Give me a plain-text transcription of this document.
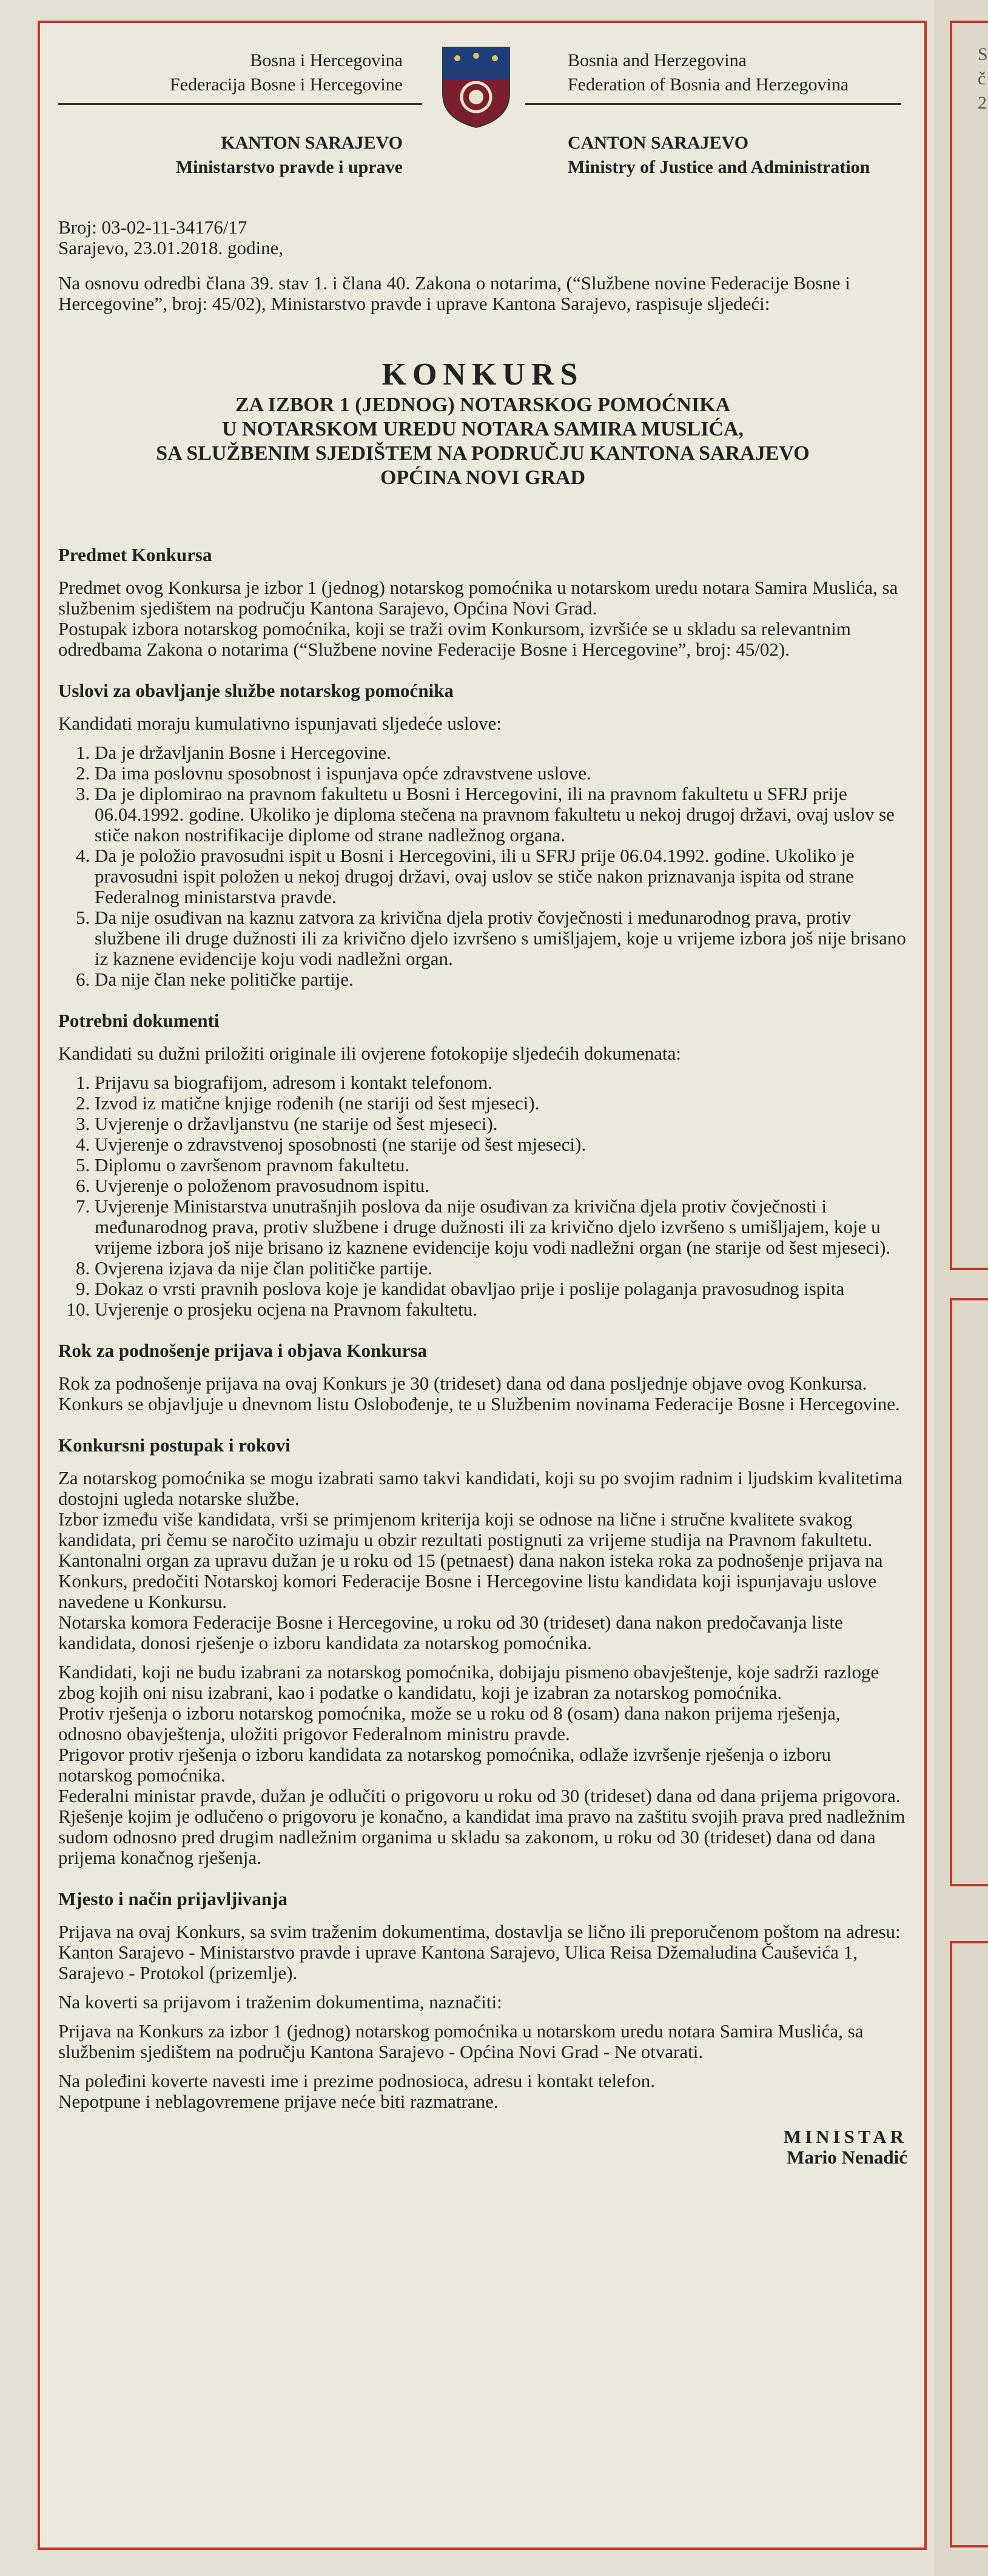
S
č
2
Bosna i Hercegovina
Federacija Bosne i Hercegovine
KANTON SARAJEVO
Ministarstvo pravde i uprave
Bosnia and Herzegovina
Federation of Bosnia and Herzegovina
CANTON SARAJEVO
Ministry of Justice and Administration

Broj: 03-02-11-34176/17
Sarajevo, 23.01.2018. godine,

Na osnovu odredbi člana 39. stav 1. i člana 40. Zakona o notarima, (“Službene novine Federacije Bosne i Hercegovine”, broj: 45/02), Ministarstvo pravde i uprave Kantona Sarajevo, raspisuje sljedeći:

KONKURS
ZA IZBOR 1 (JEDNOG) NOTARSKOG POMOĆNIKA
U NOTARSKOM UREDU NOTARA SAMIRA MUSLIĆA,
SA SLUŽBENIM SJEDIŠTEM NA PODRUČJU KANTONA SARAJEVO
OPĆINA NOVI GRAD
Predmet Konkursa

Predmet ovog Konkursa je izbor 1 (jednog) notarskog pomoćnika u notarskom uredu notara Samira Muslića, sa službenim sjedištem na području Kantona Sarajevo, Općina Novi Grad.

Postupak izbora notarskog pomoćnika, koji se traži ovim Konkursom, izvršiće se u skladu sa relevantnim odredbama Zakona o notarima (“Službene novine Federacije Bosne i Hercegovine”, broj: 45/02).

Uslovi za obavljanje službe notarskog pomoćnika

Kandidati moraju kumulativno ispunjavati sljedeće uslove:

1. Da je državljanin Bosne i Hercegovine.
2. Da ima poslovnu sposobnost i ispunjava opće zdravstvene uslove.
3. Da je diplomirao na pravnom fakultetu u Bosni i Hercegovini, ili na pravnom fakultetu u SFRJ prije 06.04.1992. godine. Ukoliko je diploma stečena na pravnom fakultetu u nekoj drugoj državi, ovaj uslov se stiče nakon nostrifikacije diplome od strane nadležnog organa.
4. Da je položio pravosudni ispit u Bosni i Hercegovini, ili u SFRJ prije 06.04.1992. godine. Ukoliko je pravosudni ispit položen u nekoj drugoj državi, ovaj uslov se stiče nakon priznavanja ispita od strane Federalnog ministarstva pravde.
5. Da nije osuđivan na kaznu zatvora za krivična djela protiv čovječnosti i međunarodnog prava, protiv službene ili druge dužnosti ili za krivično djelo izvršeno s umišljajem, koje u vrijeme izbora još nije brisano iz kaznene evidencije koju vodi nadležni organ.
6. Da nije član neke političke partije.
Potrebni dokumenti

Kandidati su dužni priložiti originale ili ovjerene fotokopije sljedećih dokumenata:

1. Prijavu sa biografijom, adresom i kontakt telefonom.
2. Izvod iz matične knjige rođenih (ne stariji od šest mjeseci).
3. Uvjerenje o državljanstvu (ne starije od šest mjeseci).
4. Uvjerenje o zdravstvenoj sposobnosti (ne starije od šest mjeseci).
5. Diplomu o završenom pravnom fakultetu.
6. Uvjerenje o položenom pravosudnom ispitu.
7. Uvjerenje Ministarstva unutrašnjih poslova da nije osuđivan za krivična djela protiv čovječnosti i međunarodnog prava, protiv službene i druge dužnosti ili za krivično djelo izvršeno s umišljajem, koje u vrijeme izbora još nije brisano iz kaznene evidencije koju vodi nadležni organ (ne starije od šest mjeseci).
8. Ovjerena izjava da nije član političke partije.
9. Dokaz o vrsti pravnih poslova koje je kandidat obavljao prije i poslije polaganja pravosudnog ispita
10. Uvjerenje o prosjeku ocjena na Pravnom fakultetu.
Rok za podnošenje prijava i objava Konkursa

Rok za podnošenje prijava na ovaj Konkurs je 30 (trideset) dana od dana posljednje objave ovog Konkursa.

Konkurs se objavljuje u dnevnom listu Oslobođenje, te u Službenim novinama Federacije Bosne i Hercegovine.

Konkursni postupak i rokovi

Za notarskog pomoćnika se mogu izabrati samo takvi kandidati, koji su po svojim radnim i ljudskim kvalitetima dostojni ugleda notarske službe.

Izbor između više kandidata, vrši se primjenom kriterija koji se odnose na lične i stručne kvalitete svakog kandidata, pri čemu se naročito uzimaju u obzir rezultati postignuti za vrijeme studija na Pravnom fakultetu.

Kantonalni organ za upravu dužan je u roku od 15 (petnaest) dana nakon isteka roka za podnošenje prijava na Konkurs, predočiti Notarskoj komori Federacije Bosne i Hercegovine listu kandidata koji ispunjavaju uslove navedene u Konkursu.

Notarska komora Federacije Bosne i Hercegovine, u roku od 30 (trideset) dana nakon predočavanja liste kandidata, donosi rješenje o izboru kandidata za notarskog pomoćnika.

Kandidati, koji ne budu izabrani za notarskog pomoćnika, dobijaju pismeno obavještenje, koje sadrži razloge zbog kojih oni nisu izabrani, kao i podatke o kandidatu, koji je izabran za notarskog pomoćnika.

Protiv rješenja o izboru notarskog pomoćnika, može se u roku od 8 (osam) dana nakon prijema rješenja, odnosno obavještenja, uložiti prigovor Federalnom ministru pravde.

Prigovor protiv rješenja o izboru kandidata za notarskog pomoćnika, odlaže izvršenje rješenja o izboru notarskog pomoćnika.

Federalni ministar pravde, dužan je odlučiti o prigovoru u roku od 30 (trideset) dana od dana prijema prigovora.

Rješenje kojim je odlučeno o prigovoru je konačno, a kandidat ima pravo na zaštitu svojih prava pred nadležnim sudom odnosno pred drugim nadležnim organima u skladu sa zakonom, u roku od 30 (trideset) dana od dana prijema konačnog rješenja.

Mjesto i način prijavljivanja

Prijava na ovaj Konkurs, sa svim traženim dokumentima, dostavlja se lično ili preporučenom poštom na adresu:

Kanton Sarajevo - Ministarstvo pravde i uprave Kantona Sarajevo, Ulica Reisa Džemaludina Čauševića 1, Sarajevo - Protokol (prizemlje).

Na koverti sa prijavom i traženim dokumentima, naznačiti:

Prijava na Konkurs za izbor 1 (jednog) notarskog pomoćnika u notarskom uredu notara Samira Muslića, sa službenim sjedištem na području Kantona Sarajevo - Općina Novi Grad - Ne otvarati.

Na poleđini koverte navesti ime i prezime podnosioca, adresu i kontakt telefon.

Nepotpune i neblagovremene prijave neće biti razmatrane.

MINISTAR
Mario Nenadić
